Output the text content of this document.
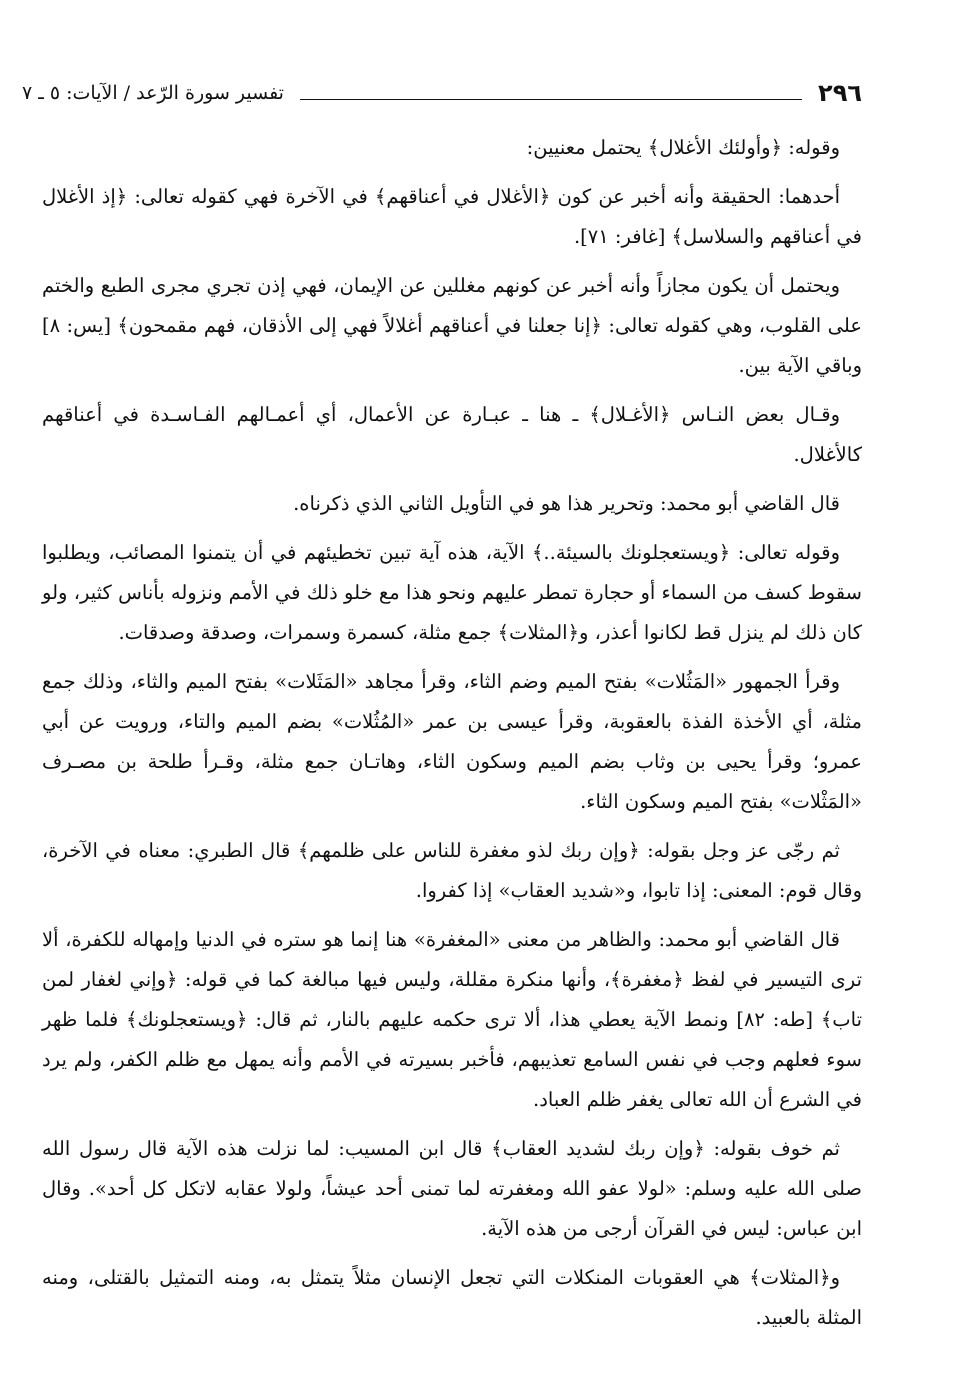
٢٩٦
تفسير سورة الرّعد / الآيات: ٥ ـ ٧

وقوله: ﴿وأولئك الأغلال﴾ يحتمل معنيين:

أحدهما: الحقيقة وأنه أخبر عن كون ﴿الأغلال في أعناقهم﴾ في الآخرة فهي كقوله تعالى: ﴿إذ الأغلال في أعناقهم والسلاسل﴾ [غافر: ٧١].

ويحتمل أن يكون مجازاً وأنه أخبر عن كونهم مغللين عن الإيمان، فهي إذن تجري مجرى الطبع والختم على القلوب، وهي كقوله تعالى: ﴿إنا جعلنا في أعناقهم أغلالاً فهي إلى الأذقان، فهم مقمحون﴾ [يس: ٨] وباقي الآية بين.

وقـال بعض النـاس ﴿الأغـلال﴾ ـ هنا ـ عبـارة عن الأعمال، أي أعمـالهم الفـاسـدة في أعناقهم كالأغلال.

قال القاضي أبو محمد: وتحرير هذا هو في التأويل الثاني الذي ذكرناه.

وقوله تعالى: ﴿ويستعجلونك بالسيئة..﴾ الآية، هذه آية تبين تخطيئهم في أن يتمنوا المصائب، ويطلبوا سقوط كسف من السماء أو حجارة تمطر عليهم ونحو هذا مع خلو ذلك في الأمم ونزوله بأناس كثير، ولو كان ذلك لم ينزل قط لكانوا أعذر، و﴿المثلات﴾ جمع مثلة، كسمرة وسمرات، وصدقة وصدقات.

وقرأ الجمهور «المَثُلات» بفتح الميم وضم الثاء، وقرأ مجاهد «المَثَلات» بفتح الميم والثاء، وذلك جمع مثلة، أي الأخذة الفذة بالعقوبة، وقرأ عيسى بن عمر «المُثُلات» بضم الميم والتاء، ورويت عن أبي عمرو؛ وقرأ يحيى بن وثاب بضم الميم وسكون الثاء، وهاتـان جمع مثلة، وقـرأ طلحة بن مصـرف «المَثْلات» بفتح الميم وسكون الثاء.

ثم رجّى عز وجل بقوله: ﴿وإن ربك لذو مغفرة للناس على ظلمهم﴾ قال الطبري: معناه في الآخرة، وقال قوم: المعنى: إذا تابوا، و«شديد العقاب» إذا كفروا.

قال القاضي أبو محمد: والظاهر من معنى «المغفرة» هنا إنما هو ستره في الدنيا وإمهاله للكفرة، ألا ترى التيسير في لفظ ﴿مغفرة﴾، وأنها منكرة مقللة، وليس فيها مبالغة كما في قوله: ﴿وإني لغفار لمن تاب﴾ [طه: ٨٢] ونمط الآية يعطي هذا، ألا ترى حكمه عليهم بالنار، ثم قال: ﴿ويستعجلونك﴾ فلما ظهر سوء فعلهم وجب في نفس السامع تعذيبهم، فأخبر بسيرته في الأمم وأنه يمهل مع ظلم الكفر، ولم يرد في الشرع أن الله تعالى يغفر ظلم العباد.

ثم خوف بقوله: ﴿وإن ربك لشديد العقاب﴾ قال ابن المسيب: لما نزلت هذه الآية قال رسول الله صلى الله عليه وسلم: «لولا عفو الله ومغفرته لما تمنى أحد عيشاً، ولولا عقابه لاتكل كل أحد». وقال ابن عباس: ليس في القرآن أرجى من هذه الآية.

و﴿المثلات﴾ هي العقوبات المنكلات التي تجعل الإنسان مثلاً يتمثل به، ومنه التمثيل بالقتلى، ومنه المثلة بالعبيد.
